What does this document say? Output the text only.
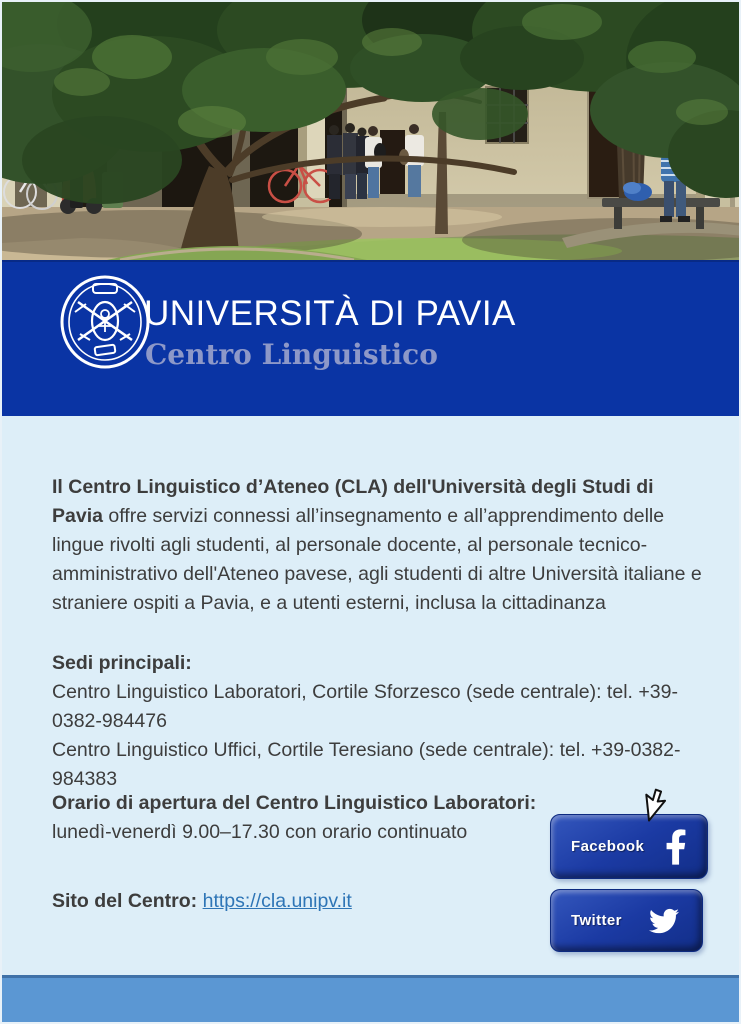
UNIVERSITÀ DI PAVIA
Centro Linguistico

Il Centro Linguistico d’Ateneo (CLA) dell'Università degli Studi di Pavia offre servizi connessi all’insegnamento e all’apprendimento delle lingue rivolti agli studenti, al personale docente, al personale tecnico-amministrativo dell'Ateneo pavese, agli studenti di altre Università italiane e straniere ospiti a Pavia, e a utenti esterni, inclusa la cittadinanza

Sedi principali:
Centro Linguistico Laboratori, Cortile Sforzesco (sede centrale): tel. +39-0382-984476
Centro Linguistico Uffici, Cortile Teresiano (sede centrale): tel. +39-0382-984383
Orario di apertura del Centro Linguistico Laboratori:
lunedì-venerdì 9.00–17.30 con orario continuato
Sito del Centro: https://cla.unipv.it
Facebook
Twitter
